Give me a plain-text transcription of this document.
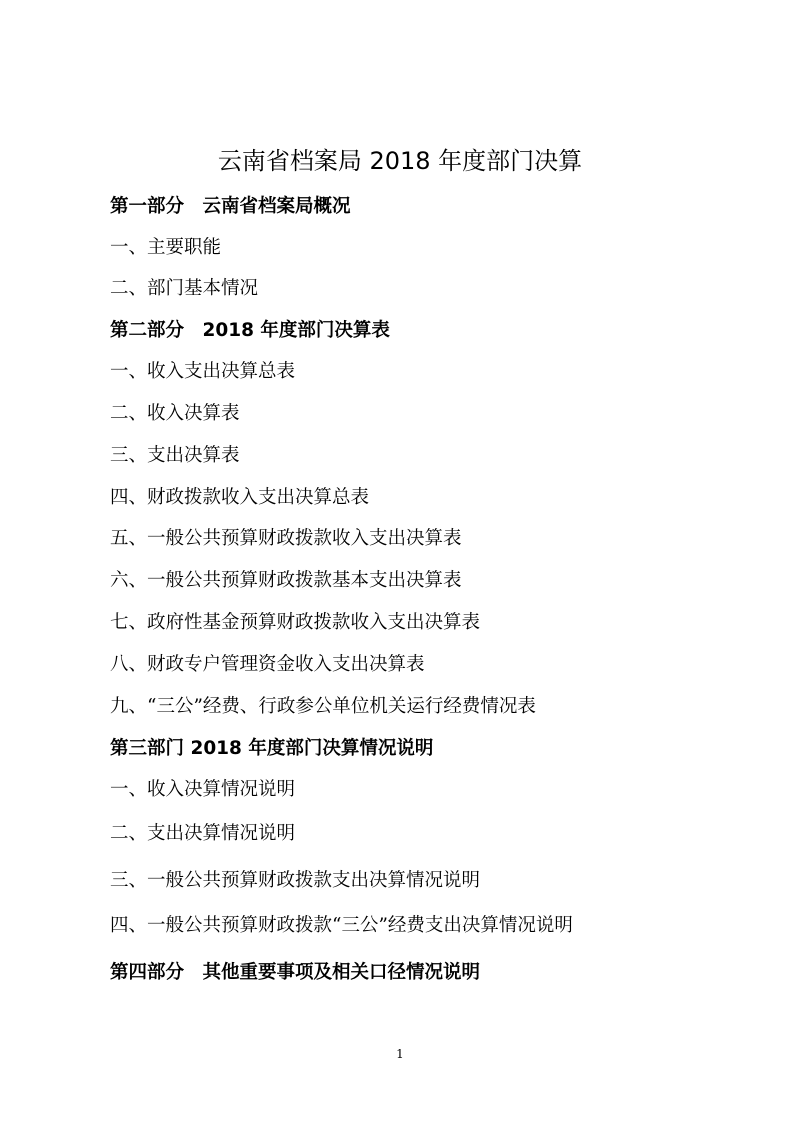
云南省档案局 2018 年度部门决算
第一部分　云南省档案局概况
一、主要职能
二、部门基本情况
第二部分　2018 年度部门决算表
一、收入支出决算总表
二、收入决算表
三、支出决算表
四、财政拨款收入支出决算总表
五、一般公共预算财政拨款收入支出决算表
六、一般公共预算财政拨款基本支出决算表
七、政府性基金预算财政拨款收入支出决算表
八、财政专户管理资金收入支出决算表
九、“三公”经费、行政参公单位机关运行经费情况表
第三部门 2018 年度部门决算情况说明
一、收入决算情况说明
二、支出决算情况说明
三、一般公共预算财政拨款支出决算情况说明
四、一般公共预算财政拨款“三公”经费支出决算情况说明
第四部分　其他重要事项及相关口径情况说明
1
